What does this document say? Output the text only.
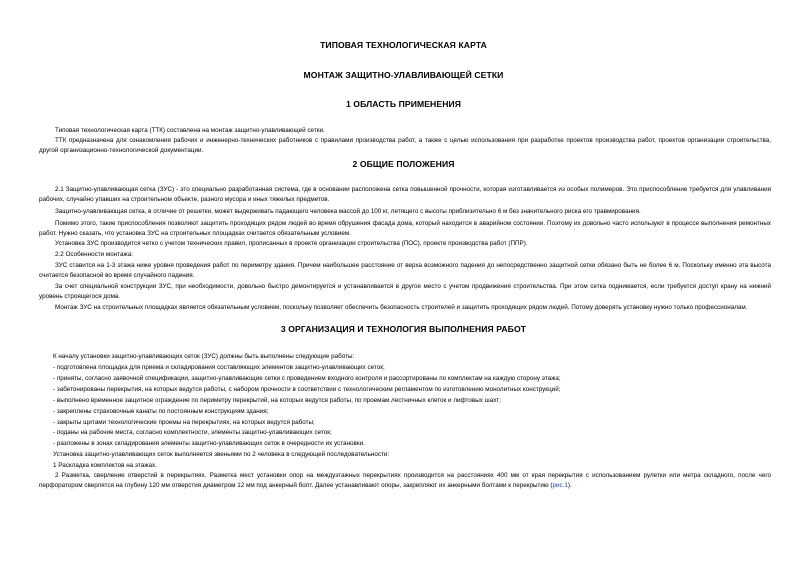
ТИПОВАЯ ТЕХНОЛОГИЧЕСКАЯ КАРТА
МОНТАЖ ЗАЩИТНО-УЛАВЛИВАЮЩЕЙ СЕТКИ
1 ОБЛАСТЬ ПРИМЕНЕНИЯ
Типовая технологическая карта (ТТК) составлена на монтаж защитно-улавливающей сетки.
ТТК предназначена для ознакомления рабочих и инженерно-технических работников с правилами производства работ, а также с целью использования при разработке проектов производства работ, проектов организации строительства, другой организационно-технологической документации.
2 ОБЩИЕ ПОЛОЖЕНИЯ
2.1 Защитно-улавливающая сетка (ЗУС) - это специально разработанная система, где в основании расположена сетка повышенной прочности, которая изготавливается из особых полимеров. Это приспособление требуется для улавливания рабочих, случайно упавших на строительном объекте, разного мусора и иных тяжелых предметов.
Защитно-улавливающая сетка, в отличие от решетки, может выдерживать падающего человека массой до 100 кг, летящего с высоты приблизительно 6 м без значительного риска его травмирования.
Помимо этого, такие приспособления позволяют защитить проходящих рядом людей во время обрушения фасада дома, который находится в аварийном состоянии. Поэтому их довольно часто используют в процессе выполнения ремонтных работ. Нужно сказать, что установка ЗУС на строительных площадках считается обязательным условием.
Установка ЗУС производится четко с учетом технических правил, прописанных в проекте организации строительства (ПОС), проекте производства работ (ППР).
2.2 Особенности монтажа:
ЗУС ставится на 1-3 этажа ниже уровня проведения работ по периметру здания. Причем наибольшее расстояние от верха возможного падения до непосредственно защитной сетки обязано быть не более 6 м. Поскольку именно эта высота считается безопасной во время случайного падения.
За счет специальной конструкции ЗУС, при необходимости, довольно быстро демонтируется и устанавливается в другое место с учетом продвижения строительства. При этом сетка поднимается, если требуется доступ крану на нижний уровень строящегося дома.
Монтаж ЗУС на строительных площадках является обязательным условием, поскольку позволяет обеспечить безопасность строителей и защитить проходящих рядом людей. Потому доверять установку нужно только профессионалам.
3 ОРГАНИЗАЦИЯ И ТЕХНОЛОГИЯ ВЫПОЛНЕНИЯ РАБОТ
К началу установки защитно-улавливающих сеток (ЗУС) должны быть выполнены следующие работы:
- подготовлена площадка для приема и складирования составляющих элементов защитно-улавливающих сеток;
- приняты, согласно заявочной спецификации, защитно-улавливающие сетки с проведением входного контроля и рассортированы по комплектам на каждую сторону этажа;
- забетонированы перекрытия, на которых ведутся работы, с набором прочности в соответствии с технологическим регламентом по изготовлению монолитных конструкций;
- выполнено временное защитное ограждение по периметру перекрытий, на которых ведутся работы, по проемам лестничных клеток и лифтовых шахт;
- закреплены страховочные канаты по постоянным конструкциям здания;
- закрыты щитами технологические проемы на перекрытиях, на которых ведутся работы;
- поданы на рабочие места, согласно комплектности, элементы защитно-улавливающих сеток;
- разложены в зонах складирования элементы защитно-улавливающих сеток в очередности их установки.
Установка защитно-улавливающих сеток выполняется звеньями по 2 человека в следующей последовательности:
1 Раскладка комплектов на этажах.
2 Разметка, сверление отверстий в перекрытиях. Разметка мест установки опор на междуэтажных перекрытиях производится на расстояниях 400 мм от края перекрытия с использованием рулетки или метра складного, после чего перфоратором сверлятся на глубину 120 мм отверстия диаметром 12 мм под анкерный болт. Далее устанавливают опоры, закрепляют их анкерными болтами к перекрытию (рис.1).
